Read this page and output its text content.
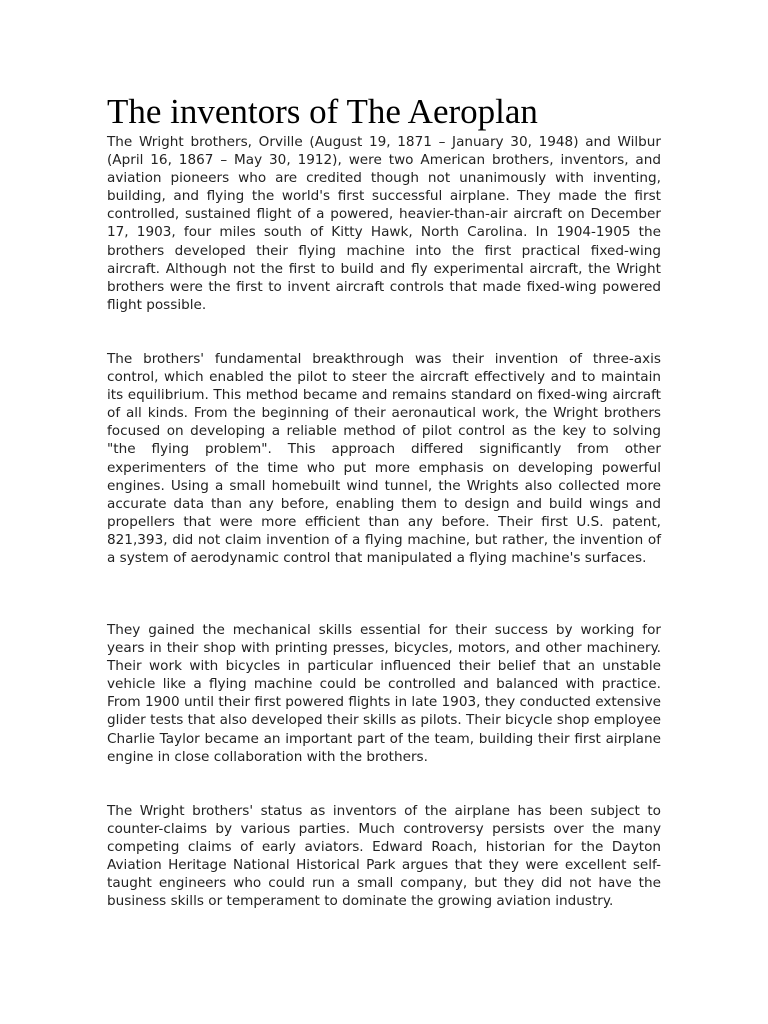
The inventors of The Aeroplan

The Wright brothers, Orville (August 19, 1871 – January 30, 1948) and Wilbur (April 16, 1867 – May 30, 1912), were two American brothers, inventors, and aviation pioneers who are credited though not unanimously with inventing, building, and flying the world's first successful airplane. They made the first controlled, sustained flight of a powered, heavier-than-air aircraft on December 17, 1903, four miles south of Kitty Hawk, North Carolina. In 1904-1905 the brothers developed their flying machine into the first practical fixed-wing aircraft. Although not the first to build and fly experimental aircraft, the Wright brothers were the first to invent aircraft controls that made fixed-wing powered flight possible.

The brothers' fundamental breakthrough was their invention of three-axis control, which enabled the pilot to steer the aircraft effectively and to maintain its equilibrium. This method became and remains standard on fixed-wing aircraft of all kinds. From the beginning of their aeronautical work, the Wright brothers focused on developing a reliable method of pilot control as the key to solving "the flying problem". This approach differed significantly from other experimenters of the time who put more emphasis on developing powerful engines. Using a small homebuilt wind tunnel, the Wrights also collected more accurate data than any before, enabling them to design and build wings and propellers that were more efficient than any before. Their first U.S. patent, 821,393, did not claim invention of a flying machine, but rather, the invention of a system of aerodynamic control that manipulated a flying machine's surfaces.

They gained the mechanical skills essential for their success by working for years in their shop with printing presses, bicycles, motors, and other machinery. Their work with bicycles in particular influenced their belief that an unstable vehicle like a flying machine could be controlled and balanced with practice. From 1900 until their first powered flights in late 1903, they conducted extensive glider tests that also developed their skills as pilots. Their bicycle shop employee Charlie Taylor became an important part of the team, building their first airplane engine in close collaboration with the brothers.

The Wright brothers' status as inventors of the airplane has been subject to counter-claims by various parties. Much controversy persists over the many competing claims of early aviators. Edward Roach, historian for the Dayton Aviation Heritage National Historical Park argues that they were excellent self-taught engineers who could run a small company, but they did not have the business skills or temperament to dominate the growing aviation industry.
